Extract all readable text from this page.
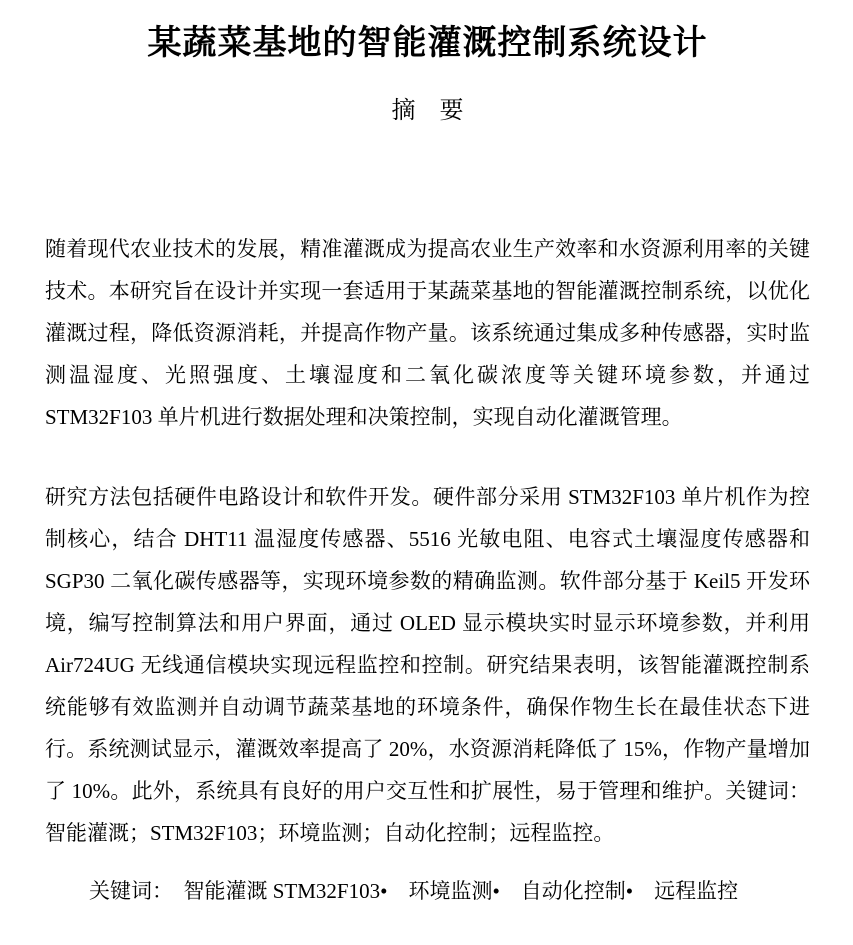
某蔬菜基地的智能灌溉控制系统设计
摘　要

随着现代农业技术的发展，精准灌溉成为提高农业生产效率和水资源利用率的关键技术。本研究旨在设计并实现一套适用于某蔬菜基地的智能灌溉控制系统，以优化灌溉过程，降低资源消耗，并提高作物产量。该系统通过集成多种传感器，实时监测温湿度、光照强度、土壤湿度和二氧化碳浓度等关键环境参数，并通过 STM32F103 单片机进行数据处理和决策控制，实现自动化灌溉管理。

研究方法包括硬件电路设计和软件开发。硬件部分采用 STM32F103 单片机作为控制核心，结合 DHT11 温湿度传感器、5516 光敏电阻、电容式土壤湿度传感器和 SGP30 二氧化碳传感器等，实现环境参数的精确监测。软件部分基于 Keil5 开发环境，编写控制算法和用户界面，通过 OLED 显示模块实时显示环境参数，并利用 Air724UG 无线通信模块实现远程监控和控制。研究结果表明，该智能灌溉控制系统能够有效监测并自动调节蔬菜基地的环境条件，确保作物生长在最佳状态下进行。系统测试显示，灌溉效率提高了 20%，水资源消耗降低了 15%，作物产量增加了 10%。此外，系统具有良好的用户交互性和扩展性，易于管理和维护。关键词：智能灌溉；STM32F103；环境监测；自动化控制；远程监控。

关键词：　智能灌溉 STM32F103•　环境监测•　自动化控制•　远程监控
